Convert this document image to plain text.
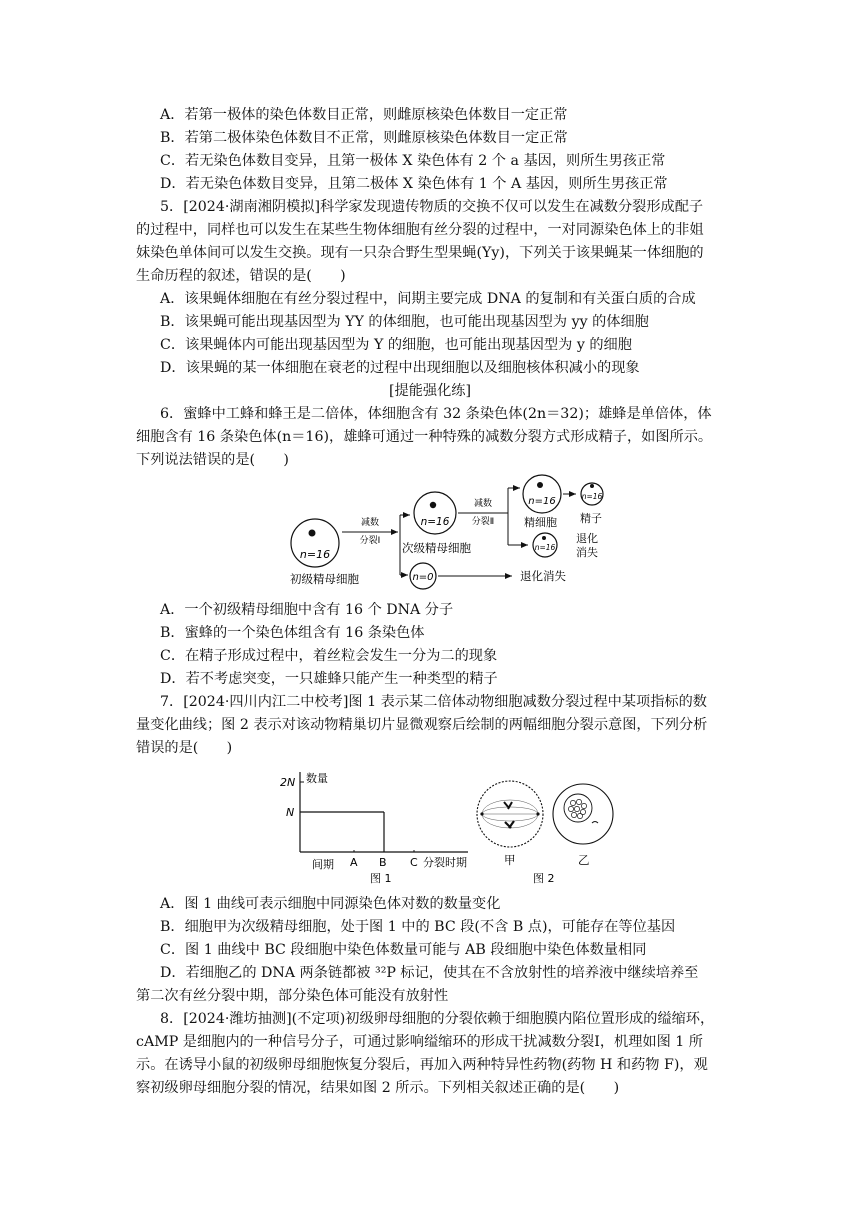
A．若第一极体的染色体数目正常，则雌原核染色体数目一定正常
B．若第二极体染色体数目不正常，则雌原核染色体数目一定正常
C．若无染色体数目变异，且第一极体 X 染色体有 2 个 a 基因，则所生男孩正常
D．若无染色体数目变异，且第二极体 X 染色体有 1 个 A 基因，则所生男孩正常
5．[2024·湖南湘阴模拟]科学家发现遗传物质的交换不仅可以发生在减数分裂形成配子
的过程中，同样也可以发生在某些生物体细胞有丝分裂的过程中，一对同源染色体上的非姐
妹染色单体间可以发生交换。现有一只杂合野生型果蝇(Yy)，下列关于该果蝇某一体细胞的
生命历程的叙述，错误的是(　　)
A．该果蝇体细胞在有丝分裂过程中，间期主要完成 DNA 的复制和有关蛋白质的合成
B．该果蝇可能出现基因型为 YY 的体细胞，也可能出现基因型为 yy 的体细胞
C．该果蝇体内可能出现基因型为 Y 的细胞，也可能出现基因型为 y 的细胞
D．该果蝇的某一体细胞在衰老的过程中出现细胞以及细胞核体积减小的现象
[提能强化练]
6．蜜蜂中工蜂和蜂王是二倍体，体细胞含有 32 条染色体(2n＝32)；雄蜂是单倍体，体
细胞含有 16 条染色体(n＝16)，雄蜂可通过一种特殊的减数分裂方式形成精子，如图所示。
下列说法错误的是(　　)
n=16
初级精母细胞
减数
分裂Ⅰ
n=16
次级精母细胞
n=0	退化消失
减数
分裂Ⅱ
n=16
精细胞
n=16
精子
n=16
退化
消失
A．一个初级精母细胞中含有 16 个 DNA 分子
B．蜜蜂的一个染色体组含有 16 条染色体
C．在精子形成过程中，着丝粒会发生一分为二的现象
D．若不考虑突变，一只雄蜂只能产生一种类型的精子
7．[2024·四川内江二中校考]图 1 表示某二倍体动物细胞减数分裂过程中某项指标的数
量变化曲线；图 2 表示对该动物精巢切片显微观察后绘制的两幅细胞分裂示意图，下列分析
错误的是(　　)
数量
2N
N
间期 A B C 分裂时期
图 1
甲	乙
图 2
A．图 1 曲线可表示细胞中同源染色体对数的数量变化
B．细胞甲为次级精母细胞，处于图 1 中的 BC 段(不含 B 点)，可能存在等位基因
C．图 1 曲线中 BC 段细胞中染色体数量可能与 AB 段细胞中染色体数量相同
D．若细胞乙的 DNA 两条链都被 ³²P 标记，使其在不含放射性的培养液中继续培养至
第二次有丝分裂中期，部分染色体可能没有放射性
8．[2024·潍坊抽测](不定项)初级卵母细胞的分裂依赖于细胞膜内陷位置形成的缢缩环，
cAMP 是细胞内的一种信号分子，可通过影响缢缩环的形成干扰减数分裂Ⅰ，机理如图 1 所
示。在诱导小鼠的初级卵母细胞恢复分裂后，再加入两种特异性药物(药物 H 和药物 F)，观
察初级卵母细胞分裂的情况，结果如图 2 所示。下列相关叙述正确的是(　　)
